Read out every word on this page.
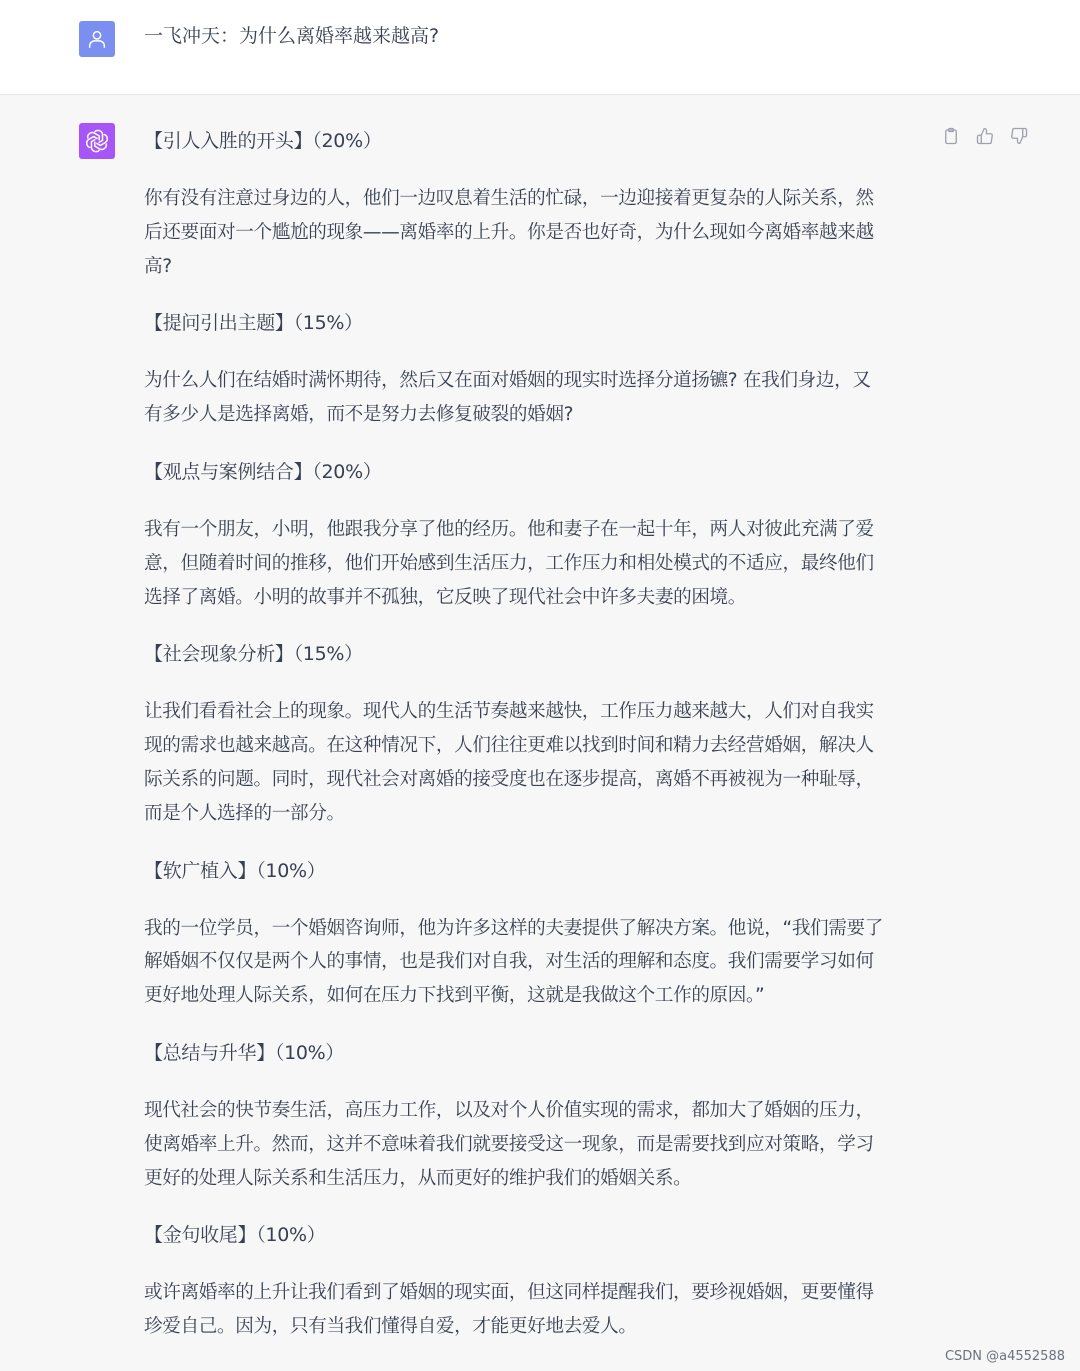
一飞冲天：为什么离婚率越来越高?

【引人入胜的开头】（20%）

你有没有注意过身边的人，他们一边叹息着生活的忙碌，一边迎接着更复杂的人际关系，然
后还要面对一个尴尬的现象——离婚率的上升。你是否也好奇，为什么现如今离婚率越来越
高?

【提问引出主题】（15%）

为什么人们在结婚时满怀期待，然后又在面对婚姻的现实时选择分道扬镳? 在我们身边，又
有多少人是选择离婚，而不是努力去修复破裂的婚姻?

【观点与案例结合】（20%）

我有一个朋友，小明，他跟我分享了他的经历。他和妻子在一起十年，两人对彼此充满了爱
意，但随着时间的推移，他们开始感到生活压力，工作压力和相处模式的不适应，最终他们
选择了离婚。小明的故事并不孤独，它反映了现代社会中许多夫妻的困境。

【社会现象分析】（15%）

让我们看看社会上的现象。现代人的生活节奏越来越快，工作压力越来越大，人们对自我实
现的需求也越来越高。在这种情况下，人们往往更难以找到时间和精力去经营婚姻，解决人
际关系的问题。同时，现代社会对离婚的接受度也在逐步提高，离婚不再被视为一种耻辱，
而是个人选择的一部分。

【软广植入】（10%）

我的一位学员，一个婚姻咨询师，他为许多这样的夫妻提供了解决方案。他说，“我们需要了
解婚姻不仅仅是两个人的事情，也是我们对自我，对生活的理解和态度。我们需要学习如何
更好地处理人际关系，如何在压力下找到平衡，这就是我做这个工作的原因。”

【总结与升华】（10%）

现代社会的快节奏生活，高压力工作，以及对个人价值实现的需求，都加大了婚姻的压力，
使离婚率上升。然而，这并不意味着我们就要接受这一现象，而是需要找到应对策略，学习
更好的处理人际关系和生活压力，从而更好的维护我们的婚姻关系。

【金句收尾】（10%）

或许离婚率的上升让我们看到了婚姻的现实面，但这同样提醒我们，要珍视婚姻，更要懂得
珍爱自己。因为，只有当我们懂得自爱，才能更好地去爱人。
CSDN @a4552588
